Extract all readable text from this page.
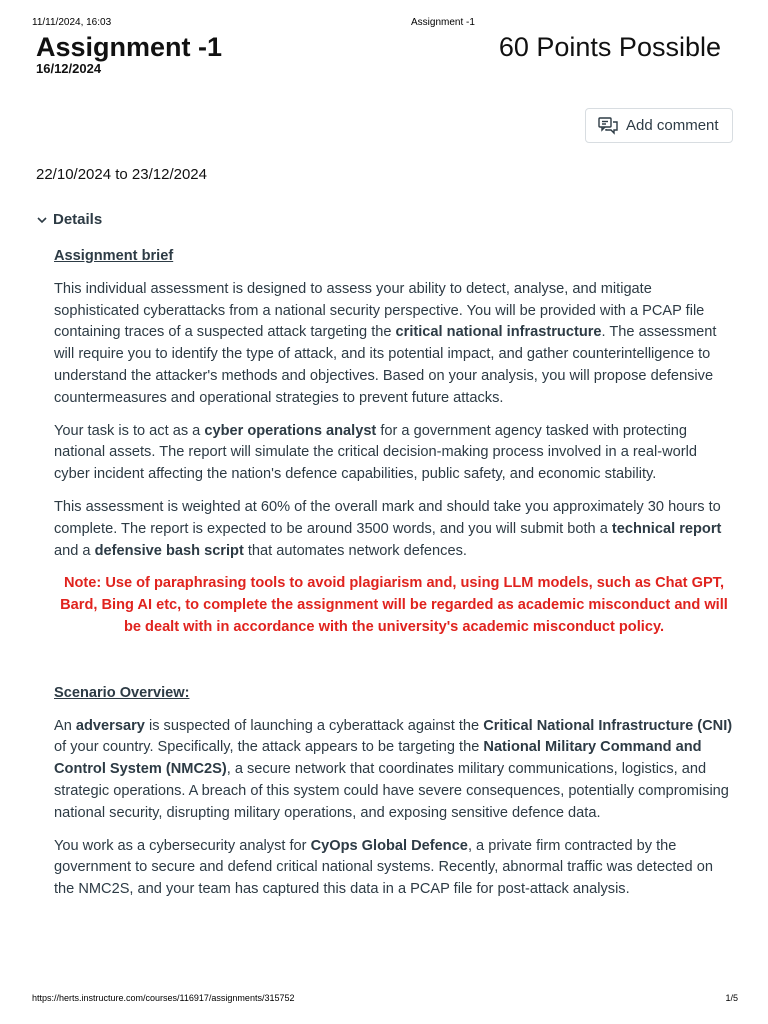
11/11/2024, 16:03	Assignment -1
Assignment -1
16/12/2024
60 Points Possible
Add comment
22/10/2024 to 23/12/2024
Details
Assignment brief

This individual assessment is designed to assess your ability to detect, analyse, and mitigate sophisticated cyberattacks from a national security perspective. You will be provided with a PCAP file containing traces of a suspected attack targeting the critical national infrastructure. The assessment will require you to identify the type of attack, and its potential impact, and gather counterintelligence to understand the attacker's methods and objectives. Based on your analysis, you will propose defensive countermeasures and operational strategies to prevent future attacks.

Your task is to act as a cyber operations analyst for a government agency tasked with protecting national assets. The report will simulate the critical decision-making process involved in a real-world cyber incident affecting the nation's defence capabilities, public safety, and economic stability.

This assessment is weighted at 60% of the overall mark and should take you approximately 30 hours to complete. The report is expected to be around 3500 words, and you will submit both a technical report and a defensive bash script that automates network defences.

Note: Use of paraphrasing tools to avoid plagiarism and, using LLM models, such as Chat GPT, Bard, Bing AI etc, to complete the assignment will be regarded as academic misconduct and will be dealt with in accordance with the university's academic misconduct policy.

Scenario Overview:

An adversary is suspected of launching a cyberattack against the Critical National Infrastructure (CNI) of your country. Specifically, the attack appears to be targeting the National Military Command and Control System (NMC2S), a secure network that coordinates military communications, logistics, and strategic operations. A breach of this system could have severe consequences, potentially compromising national security, disrupting military operations, and exposing sensitive defence data.

You work as a cybersecurity analyst for CyOps Global Defence, a private firm contracted by the government to secure and defend critical national systems. Recently, abnormal traffic was detected on the NMC2S, and your team has captured this data in a PCAP file for post-attack analysis.

https://herts.instructure.com/courses/116917/assignments/315752	1/5
